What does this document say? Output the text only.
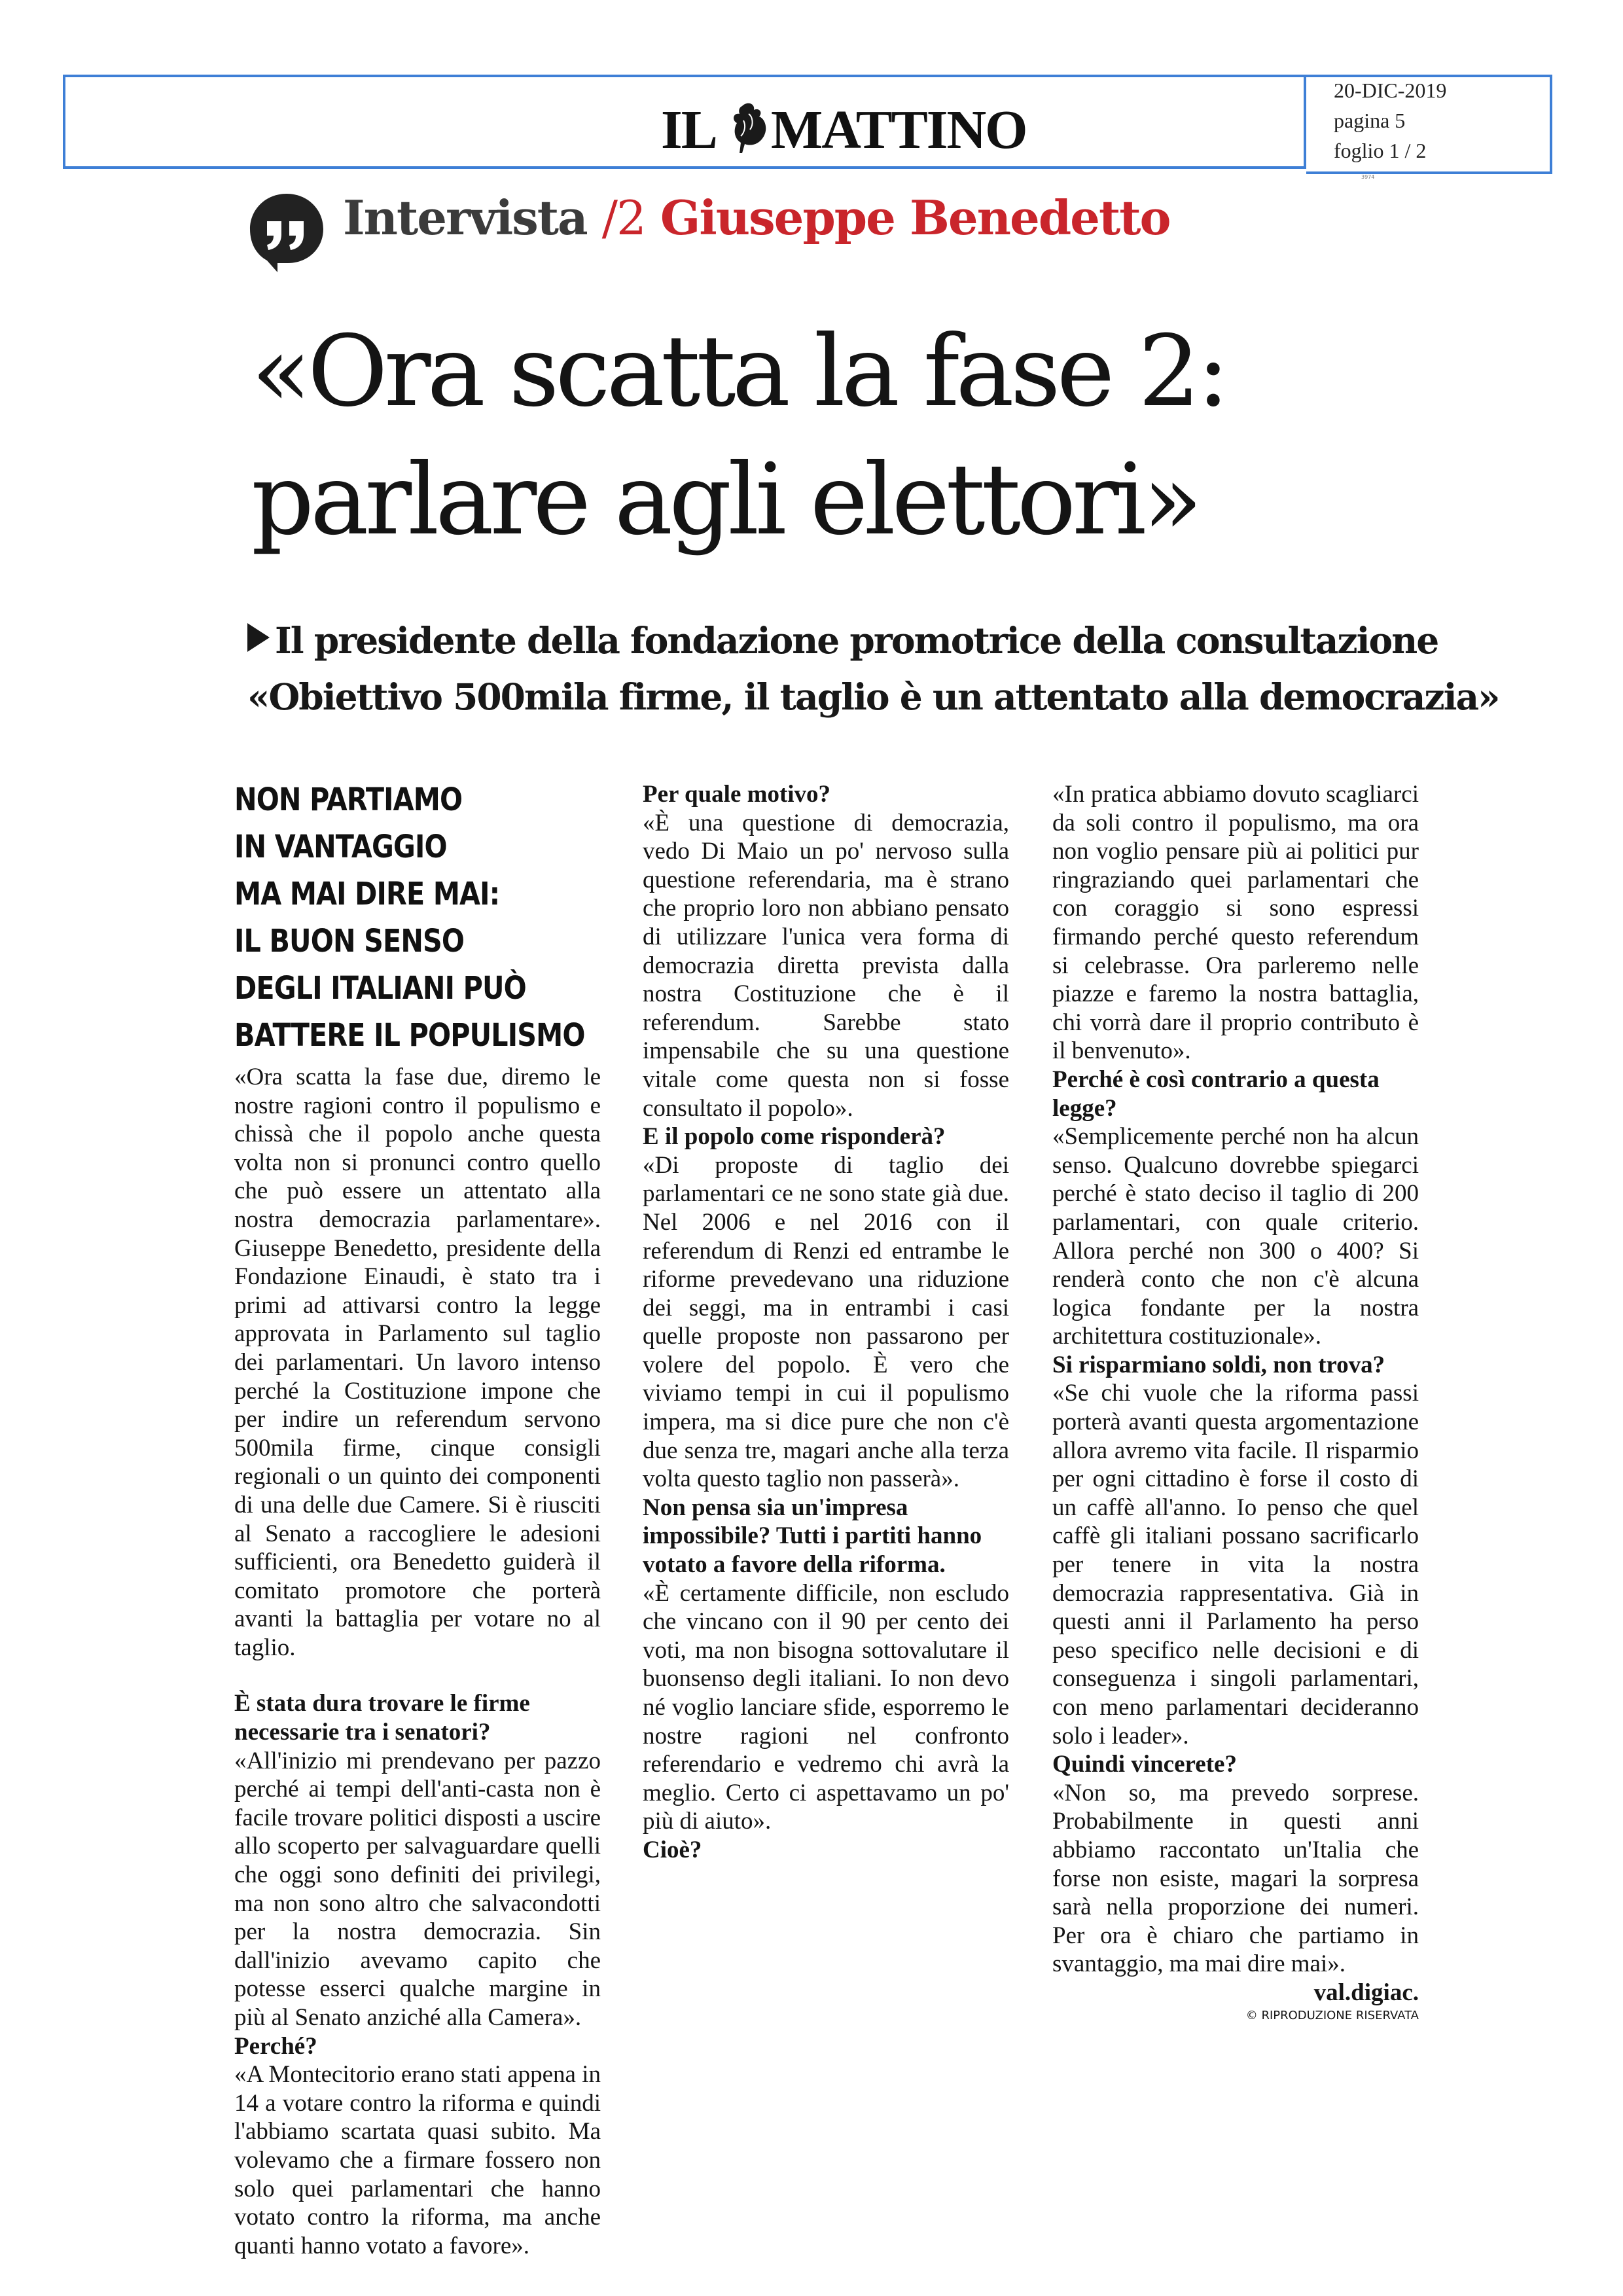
IL MATTINO
20-DIC-2019
pagina 5
foglio 1 / 2
3974
Intervista /2 Giuseppe Benedetto
«Ora scatta la fase 2:
parlare agli elettori»
Il presidente della fondazione promotrice della consultazione
«Obiettivo 500mila firme, il taglio è un attentato alla democrazia»
NON PARTIAMO
IN VANTAGGIO
MA MAI DIRE MAI:
IL BUON SENSO
DEGLI ITALIANI PUÒ
BATTERE IL POPULISMO

«Ora scatta la fase due, diremo le nostre ragioni contro il populismo e chissà che il popolo anche questa volta non si pronunci contro quello che può essere un attentato alla nostra democrazia parlamentare». Giuseppe Benedetto, presidente della Fondazione Einaudi, è stato tra i primi ad attivarsi contro la legge approvata in Parlamento sul taglio dei parlamentari. Un lavoro intenso perché la Costituzione impone che per indire un referendum servono 500mila firme, cinque consigli regionali o un quinto dei componenti di una delle due Camere. Si è riusciti al Senato a raccogliere le adesioni sufficienti, ora Benedetto guiderà il comitato promotore che porterà avanti la battaglia per votare no al taglio.

È stata dura trovare le firme necessarie tra i senatori?

«All'inizio mi prendevano per pazzo perché ai tempi dell'anti-casta non è facile trovare politici disposti a uscire allo scoperto per salvaguardare quelli che oggi sono definiti dei privilegi, ma non sono altro che salvacondotti per la nostra democrazia. Sin dall'inizio avevamo capito che potesse esserci qualche margine in più al Senato anziché alla Camera».

Perché?

«A Montecitorio erano stati appena in 14 a votare contro la riforma e quindi l'abbiamo scartata quasi subito. Ma volevamo che a firmare fossero non solo quei parlamentari che hanno votato contro la riforma, ma anche quanti hanno votato a favore».

Per quale motivo?

«È una questione di democrazia, vedo Di Maio un po' nervoso sulla questione referendaria, ma è strano che proprio loro non abbiano pensato di utilizzare l'unica vera forma di democrazia diretta prevista dalla nostra Costituzione che è il referendum. Sarebbe stato impensabile che su una questione vitale come questa non si fosse consultato il popolo».

E il popolo come risponderà?

«Di proposte di taglio dei parlamentari ce ne sono state già due. Nel 2006 e nel 2016 con il referendum di Renzi ed entrambe le riforme prevedevano una riduzione dei seggi, ma in entrambi i casi quelle proposte non passarono per volere del popolo. È vero che viviamo tempi in cui il populismo impera, ma si dice pure che non c'è due senza tre, magari anche alla terza volta questo taglio non passerà».

Non pensa sia un'impresa impossibile? Tutti i partiti hanno votato a favore della riforma.

«È certamente difficile, non escludo che vincano con il 90 per cento dei voti, ma non bisogna sottovalutare il buonsenso degli italiani. Io non devo né voglio lanciare sfide, esporremo le nostre ragioni nel confronto referendario e vedremo chi avrà la meglio. Certo ci aspettavamo un po' più di aiuto».

Cioè?

«In pratica abbiamo dovuto scagliarci da soli contro il populismo, ma ora non voglio pensare più ai politici pur ringraziando quei parlamentari che con coraggio si sono espressi firmando perché questo referendum si celebrasse. Ora parleremo nelle piazze e faremo la nostra battaglia, chi vorrà dare il proprio contributo è il benvenuto».

Perché è così contrario a questa legge?

«Semplicemente perché non ha alcun senso. Qualcuno dovrebbe spiegarci perché è stato deciso il taglio di 200 parlamentari, con quale criterio. Allora perché non 300 o 400? Si renderà conto che non c'è alcuna logica fondante per la nostra architettura costituzionale».

Si risparmiano soldi, non trova?

«Se chi vuole che la riforma passi porterà avanti questa argomentazione allora avremo vita facile. Il risparmio per ogni cittadino è forse il costo di un caffè all'anno. Io penso che quel caffè gli italiani possano sacrificarlo per tenere in vita la nostra democrazia rappresentativa. Già in questi anni il Parlamento ha perso peso specifico nelle decisioni e di conseguenza i singoli parlamentari, con meno parlamentari decideranno solo i leader».

Quindi vincerete?

«Non so, ma prevedo sorprese. Probabilmente in questi anni abbiamo raccontato un'Italia che forse non esiste, magari la sorpresa sarà nella proporzione dei numeri. Per ora è chiaro che partiamo in svantaggio, ma mai dire mai».

val.digiac.

© RIPRODUZIONE RISERVATA
